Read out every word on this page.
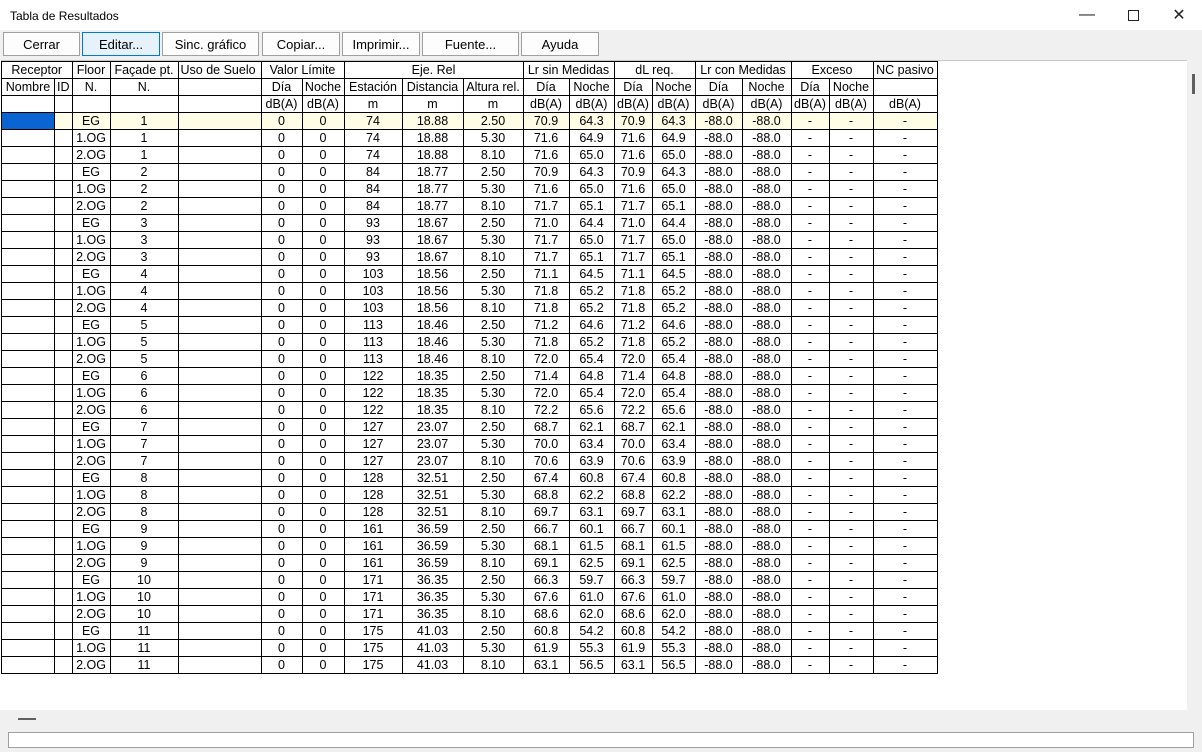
Tabla de Resultados	—	✕
Cerrar	Editar...	Sinc. gráfico	Copiar...	Imprimir...	Fuente...	Ayuda
Receptor		Floor	Façade pt.	Uso de Suelo	Valor Límite		Eje. Rel			Lr sin Medidas		dL req.		Lr con Medidas		Exceso		NC pasivo
Nombre	ID	N.	N.		Día	Noche	Estación	Distancia	Altura rel.	Día	Noche	Día	Noche	Día	Noche	Día	Noche	
					dB(A)	dB(A)	m	m	m	dB(A)	dB(A)	dB(A)	dB(A)	dB(A)	dB(A)	dB(A)	dB(A)	dB(A)
		EG	1		0	0	74	18.88	2.50	70.9	64.3	70.9	64.3	-88.0	-88.0	-	-	-
		1.OG	1		0	0	74	18.88	5.30	71.6	64.9	71.6	64.9	-88.0	-88.0	-	-	-
		2.OG	1		0	0	74	18.88	8.10	71.6	65.0	71.6	65.0	-88.0	-88.0	-	-	-
		EG	2		0	0	84	18.77	2.50	70.9	64.3	70.9	64.3	-88.0	-88.0	-	-	-
		1.OG	2		0	0	84	18.77	5.30	71.6	65.0	71.6	65.0	-88.0	-88.0	-	-	-
		2.OG	2		0	0	84	18.77	8.10	71.7	65.1	71.7	65.1	-88.0	-88.0	-	-	-
		EG	3		0	0	93	18.67	2.50	71.0	64.4	71.0	64.4	-88.0	-88.0	-	-	-
		1.OG	3		0	0	93	18.67	5.30	71.7	65.0	71.7	65.0	-88.0	-88.0	-	-	-
		2.OG	3		0	0	93	18.67	8.10	71.7	65.1	71.7	65.1	-88.0	-88.0	-	-	-
		EG	4		0	0	103	18.56	2.50	71.1	64.5	71.1	64.5	-88.0	-88.0	-	-	-
		1.OG	4		0	0	103	18.56	5.30	71.8	65.2	71.8	65.2	-88.0	-88.0	-	-	-
		2.OG	4		0	0	103	18.56	8.10	71.8	65.2	71.8	65.2	-88.0	-88.0	-	-	-
		EG	5		0	0	113	18.46	2.50	71.2	64.6	71.2	64.6	-88.0	-88.0	-	-	-
		1.OG	5		0	0	113	18.46	5.30	71.8	65.2	71.8	65.2	-88.0	-88.0	-	-	-
		2.OG	5		0	0	113	18.46	8.10	72.0	65.4	72.0	65.4	-88.0	-88.0	-	-	-
		EG	6		0	0	122	18.35	2.50	71.4	64.8	71.4	64.8	-88.0	-88.0	-	-	-
		1.OG	6		0	0	122	18.35	5.30	72.0	65.4	72.0	65.4	-88.0	-88.0	-	-	-
		2.OG	6		0	0	122	18.35	8.10	72.2	65.6	72.2	65.6	-88.0	-88.0	-	-	-
		EG	7		0	0	127	23.07	2.50	68.7	62.1	68.7	62.1	-88.0	-88.0	-	-	-
		1.OG	7		0	0	127	23.07	5.30	70.0	63.4	70.0	63.4	-88.0	-88.0	-	-	-
		2.OG	7		0	0	127	23.07	8.10	70.6	63.9	70.6	63.9	-88.0	-88.0	-	-	-
		EG	8		0	0	128	32.51	2.50	67.4	60.8	67.4	60.8	-88.0	-88.0	-	-	-
		1.OG	8		0	0	128	32.51	5.30	68.8	62.2	68.8	62.2	-88.0	-88.0	-	-	-
		2.OG	8		0	0	128	32.51	8.10	69.7	63.1	69.7	63.1	-88.0	-88.0	-	-	-
		EG	9		0	0	161	36.59	2.50	66.7	60.1	66.7	60.1	-88.0	-88.0	-	-	-
		1.OG	9		0	0	161	36.59	5.30	68.1	61.5	68.1	61.5	-88.0	-88.0	-	-	-
		2.OG	9		0	0	161	36.59	8.10	69.1	62.5	69.1	62.5	-88.0	-88.0	-	-	-
		EG	10		0	0	171	36.35	2.50	66.3	59.7	66.3	59.7	-88.0	-88.0	-	-	-
		1.OG	10		0	0	171	36.35	5.30	67.6	61.0	67.6	61.0	-88.0	-88.0	-	-	-
		2.OG	10		0	0	171	36.35	8.10	68.6	62.0	68.6	62.0	-88.0	-88.0	-	-	-
		EG	11		0	0	175	41.03	2.50	60.8	54.2	60.8	54.2	-88.0	-88.0	-	-	-
		1.OG	11		0	0	175	41.03	5.30	61.9	55.3	61.9	55.3	-88.0	-88.0	-	-	-
		2.OG	11		0	0	175	41.03	8.10	63.1	56.5	63.1	56.5	-88.0	-88.0	-	-	-
